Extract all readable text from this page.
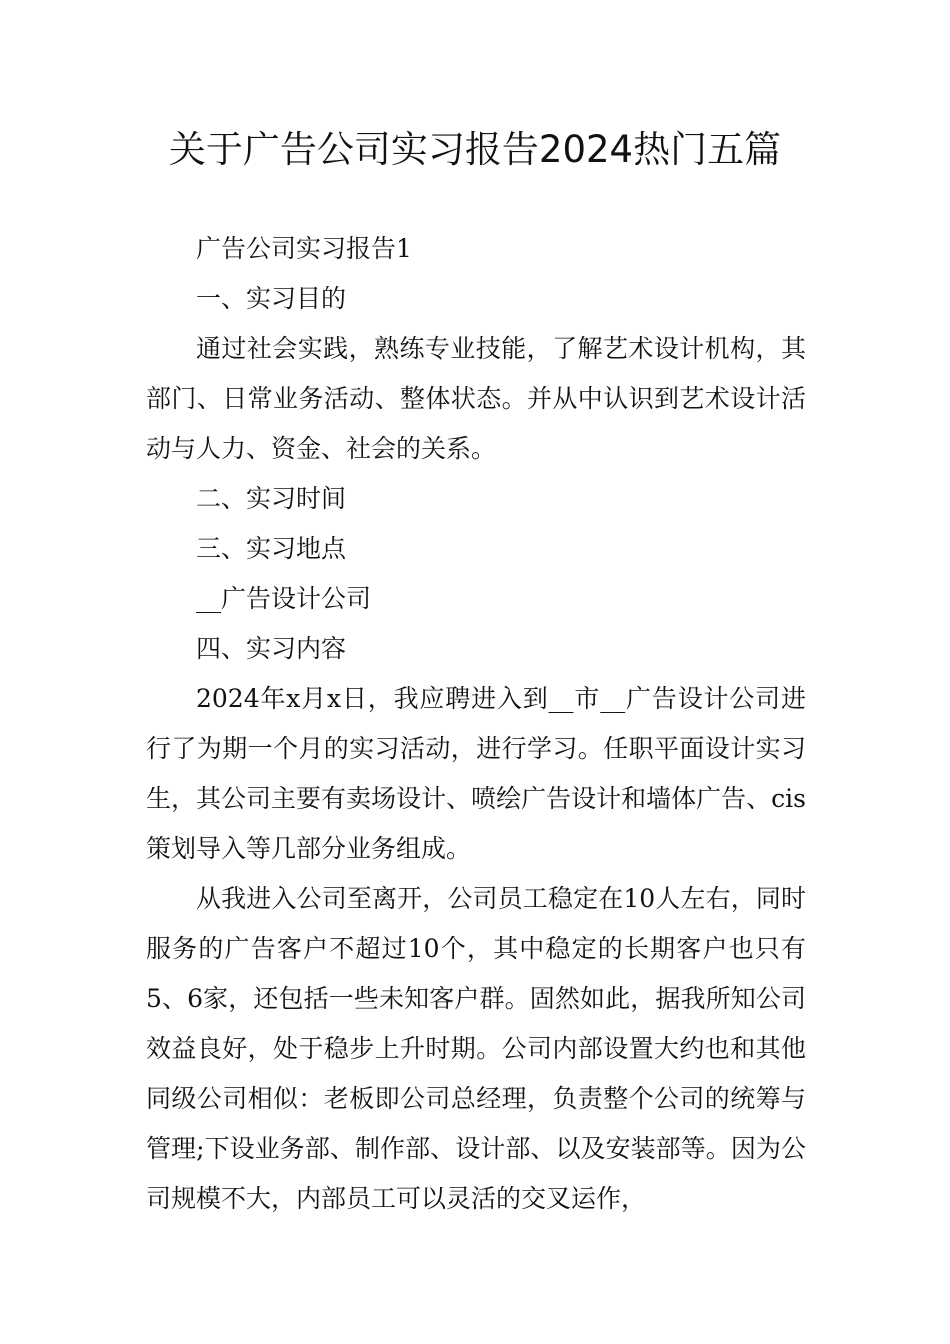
关于广告公司实习报告2024热门五篇

广告公司实习报告1

一、实习目的

通过社会实践，熟练专业技能，了解艺术设计机构，其部门、日常业务活动、整体状态。并从中认识到艺术设计活动与人力、资金、社会的关系。

二、实习时间

三、实习地点

__广告设计公司

四、实习内容

2024年x月x日，我应聘进入到__市__广告设计公司进行了为期一个月的实习活动，进行学习。任职平面设计实习生，其公司主要有卖场设计、喷绘广告设计和墙体广告、cis策划导入等几部分业务组成。

从我进入公司至离开，公司员工稳定在10人左右，同时服务的广告客户不超过10个，其中稳定的长期客户也只有5、6家，还包括一些未知客户群。固然如此，据我所知公司效益良好，处于稳步上升时期。公司内部设置大约也和其他同级公司相似：老板即公司总经理，负责整个公司的统筹与管理;下设业务部、制作部、设计部、以及安装部等。因为公司规模不大，内部员工可以灵活的交叉运作，
